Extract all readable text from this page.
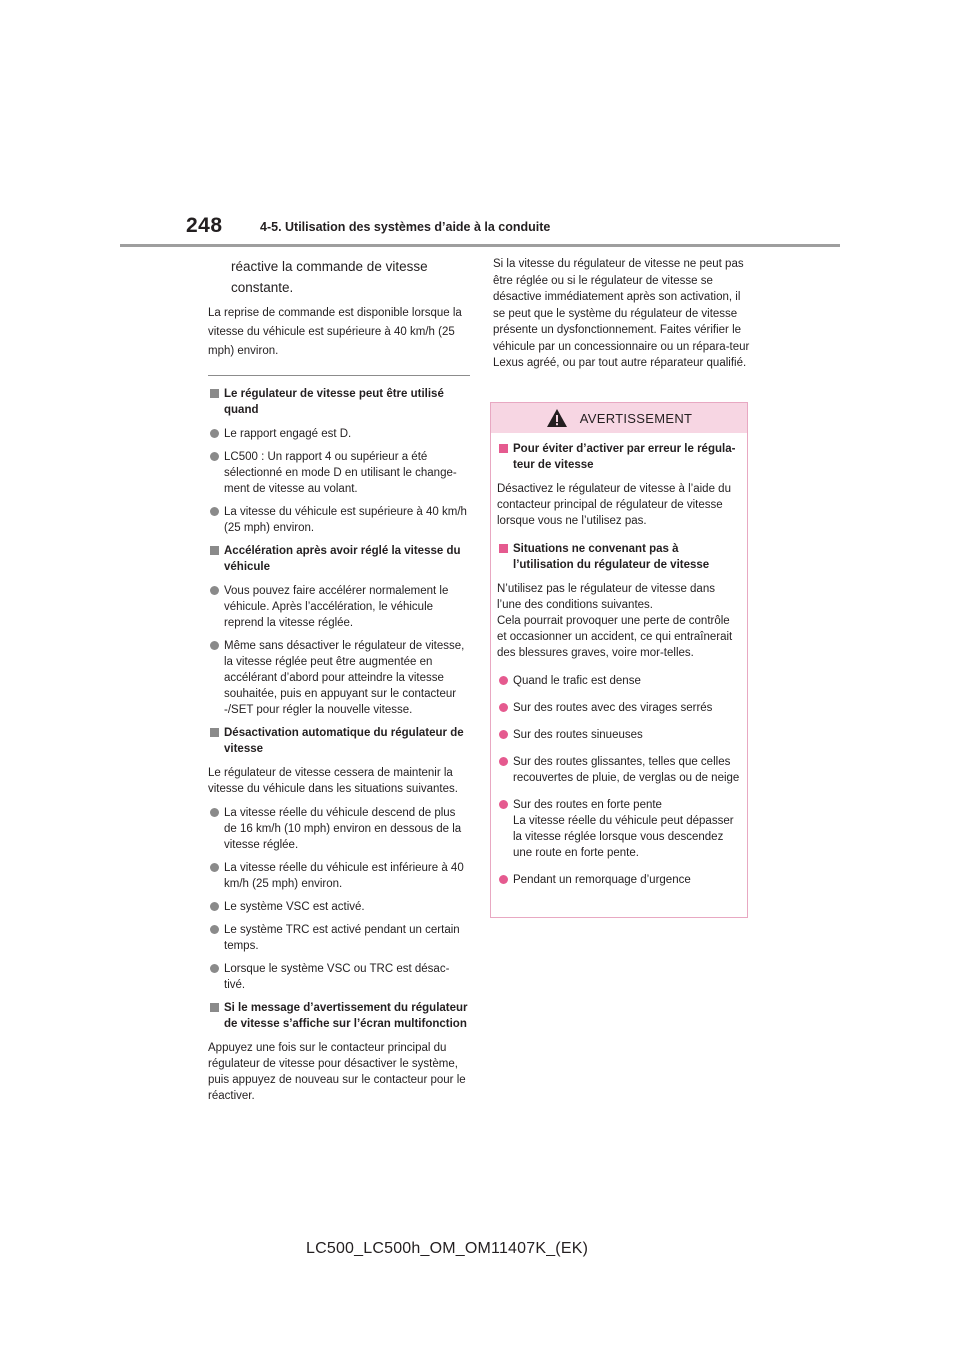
248	4-5. Utilisation des systèmes d’aide à la conduite
réactive la commande de vitesse constante.
La reprise de commande est disponible lorsque la vitesse du véhicule est supérieure à 40 km/h (25 mph) environ.
Le régulateur de vitesse peut être utilisé quand
Le rapport engagé est D.
LC500 : Un rapport 4 ou supérieur a été sélectionné en mode D en utilisant le change-ment de vitesse au volant.
La vitesse du véhicule est supérieure à 40 km/h (25 mph) environ.
Accélération après avoir réglé la vitesse du véhicule
Vous pouvez faire accélérer normalement le véhicule. Après l’accélération, le véhicule reprend la vitesse réglée.
Même sans désactiver le régulateur de vitesse, la vitesse réglée peut être augmentée en accélérant d’abord pour atteindre la vitesse souhaitée, puis en appuyant sur le contacteur -/SET pour régler la nouvelle vitesse.
Désactivation automatique du régulateur de vitesse
Le régulateur de vitesse cessera de maintenir la vitesse du véhicule dans les situations suivantes.
La vitesse réelle du véhicule descend de plus de 16 km/h (10 mph) environ en dessous de la vitesse réglée.
La vitesse réelle du véhicule est inférieure à 40 km/h (25 mph) environ.
Le système VSC est activé.
Le système TRC est activé pendant un certain temps.
Lorsque le système VSC ou TRC est désac-tivé.
Si le message d’avertissement du régulateur de vitesse s’affiche sur l’écran multifonction
Appuyez une fois sur le contacteur principal du régulateur de vitesse pour désactiver le système, puis appuyez de nouveau sur le contacteur pour le réactiver.

Si la vitesse du régulateur de vitesse ne peut pas être réglée ou si le régulateur de vitesse se désactive immédiatement après son activation, il se peut que le système du régulateur de vitesse présente un dysfonctionnement. Faites vérifier le véhicule par un concessionnaire ou un répara-teur Lexus agréé, ou par tout autre réparateur qualifié.

AVERTISSEMENT
Pour éviter d’activer par erreur le régula-teur de vitesse
Désactivez le régulateur de vitesse à l’aide du contacteur principal de régulateur de vitesse lorsque vous ne l’utilisez pas.
Situations ne convenant pas à l’utilisation du régulateur de vitesse
N’utilisez pas le régulateur de vitesse dans l’une des conditions suivantes.
Cela pourrait provoquer une perte de contrôle et occasionner un accident, ce qui entraînerait des blessures graves, voire mor-telles.
Quand le trafic est dense
Sur des routes avec des virages serrés
Sur des routes sinueuses
Sur des routes glissantes, telles que celles recouvertes de pluie, de verglas ou de neige
Sur des routes en forte pente
La vitesse réelle du véhicule peut dépasser la vitesse réglée lorsque vous descendez une route en forte pente.
Pendant un remorquage d’urgence
LC500_LC500h_OM_OM11407K_(EK)
